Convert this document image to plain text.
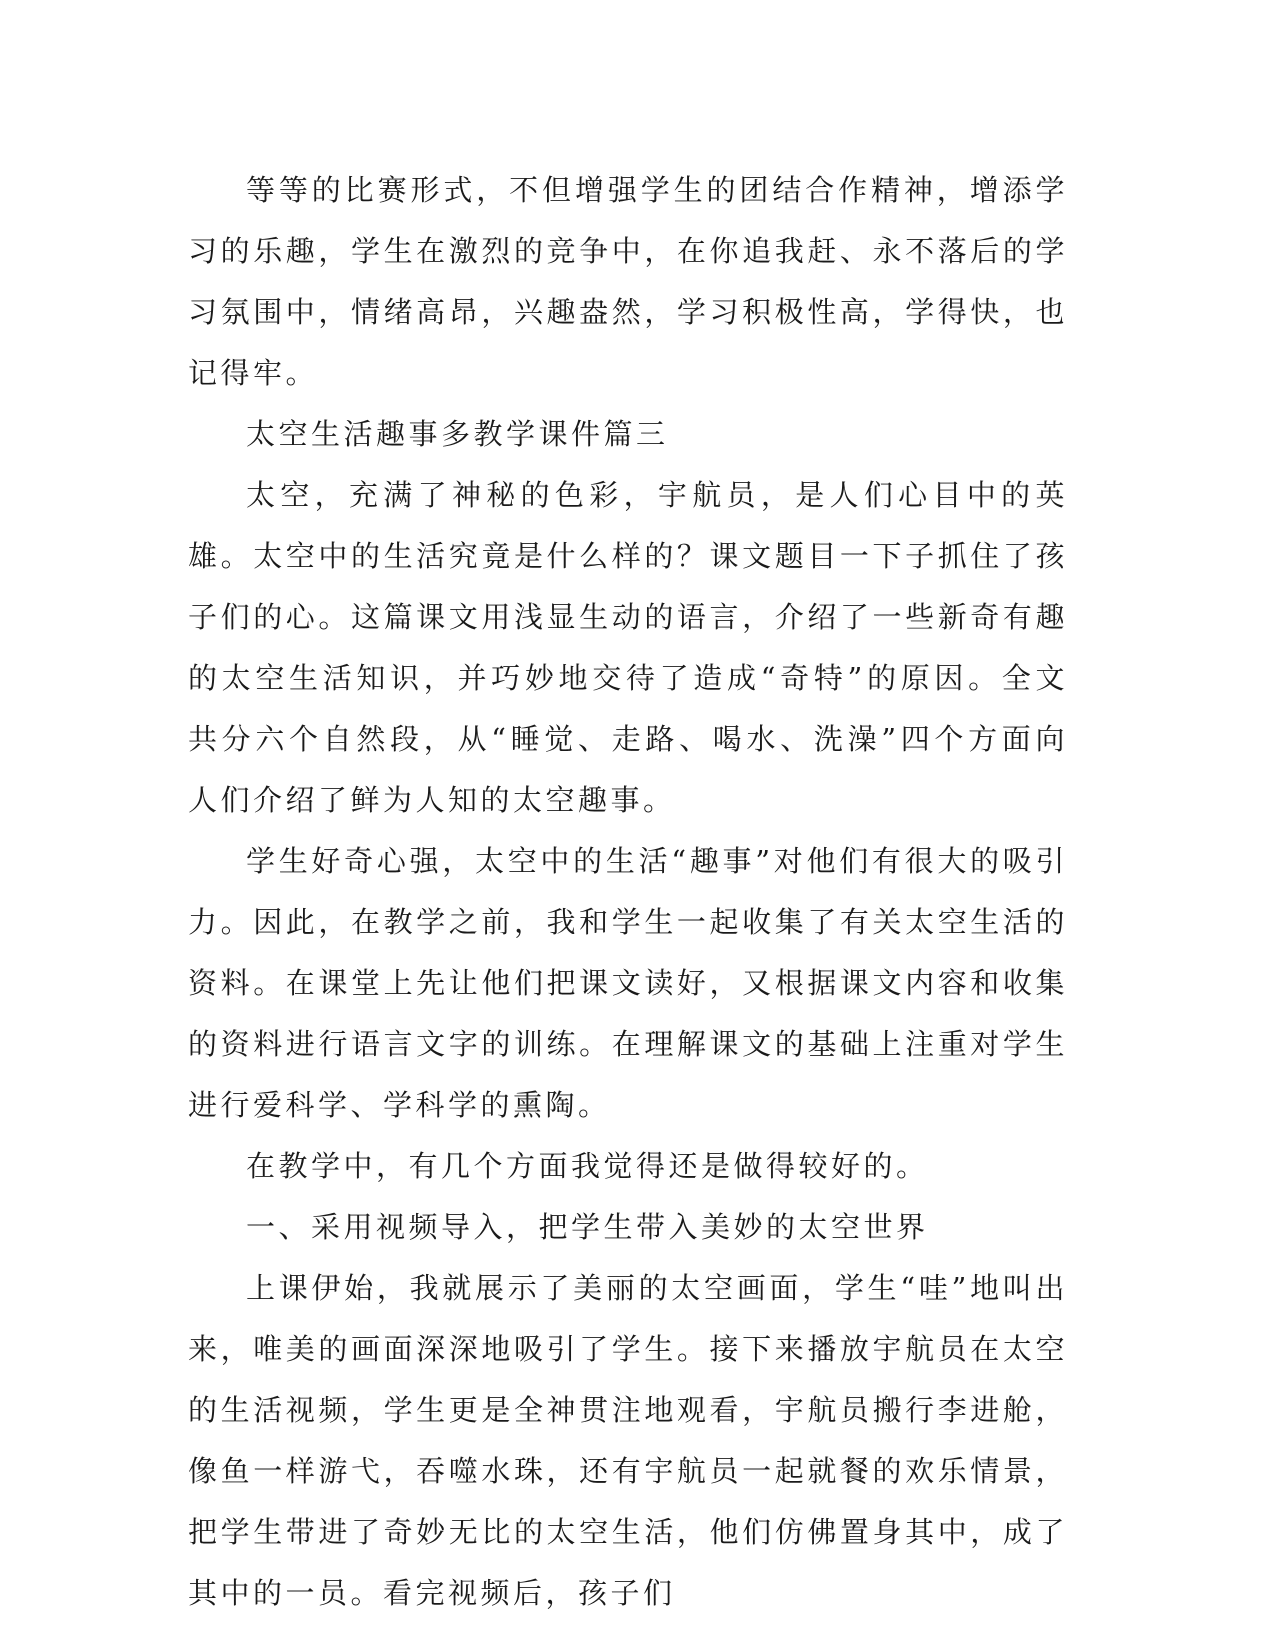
等等的比赛形式，不但增强学生的团结合作精神，增添学习的乐趣，学生在激烈的竞争中，在你追我赶、永不落后的学习氛围中，情绪高昂，兴趣盎然，学习积极性高，学得快，也记得牢。

太空生活趣事多教学课件篇三

太空，充满了神秘的色彩，宇航员，是人们心目中的英雄。太空中的生活究竟是什么样的？课文题目一下子抓住了孩子们的心。这篇课文用浅显生动的语言，介绍了一些新奇有趣的太空生活知识，并巧妙地交待了造成“奇特”的原因。全文共分六个自然段，从“睡觉、走路、喝水、洗澡”四个方面向人们介绍了鲜为人知的太空趣事。

学生好奇心强，太空中的生活“趣事”对他们有很大的吸引力。因此，在教学之前，我和学生一起收集了有关太空生活的资料。在课堂上先让他们把课文读好，又根据课文内容和收集的资料进行语言文字的训练。在理解课文的基础上注重对学生进行爱科学、学科学的熏陶。

在教学中，有几个方面我觉得还是做得较好的。

一、采用视频导入，把学生带入美妙的太空世界

上课伊始，我就展示了美丽的太空画面，学生“哇”地叫出来，唯美的画面深深地吸引了学生。接下来播放宇航员在太空的生活视频，学生更是全神贯注地观看，宇航员搬行李进舱，像鱼一样游弋，吞噬水珠，还有宇航员一起就餐的欢乐情景，把学生带进了奇妙无比的太空生活，他们仿佛置身其中，成了其中的一员。看完视频后，孩子们
